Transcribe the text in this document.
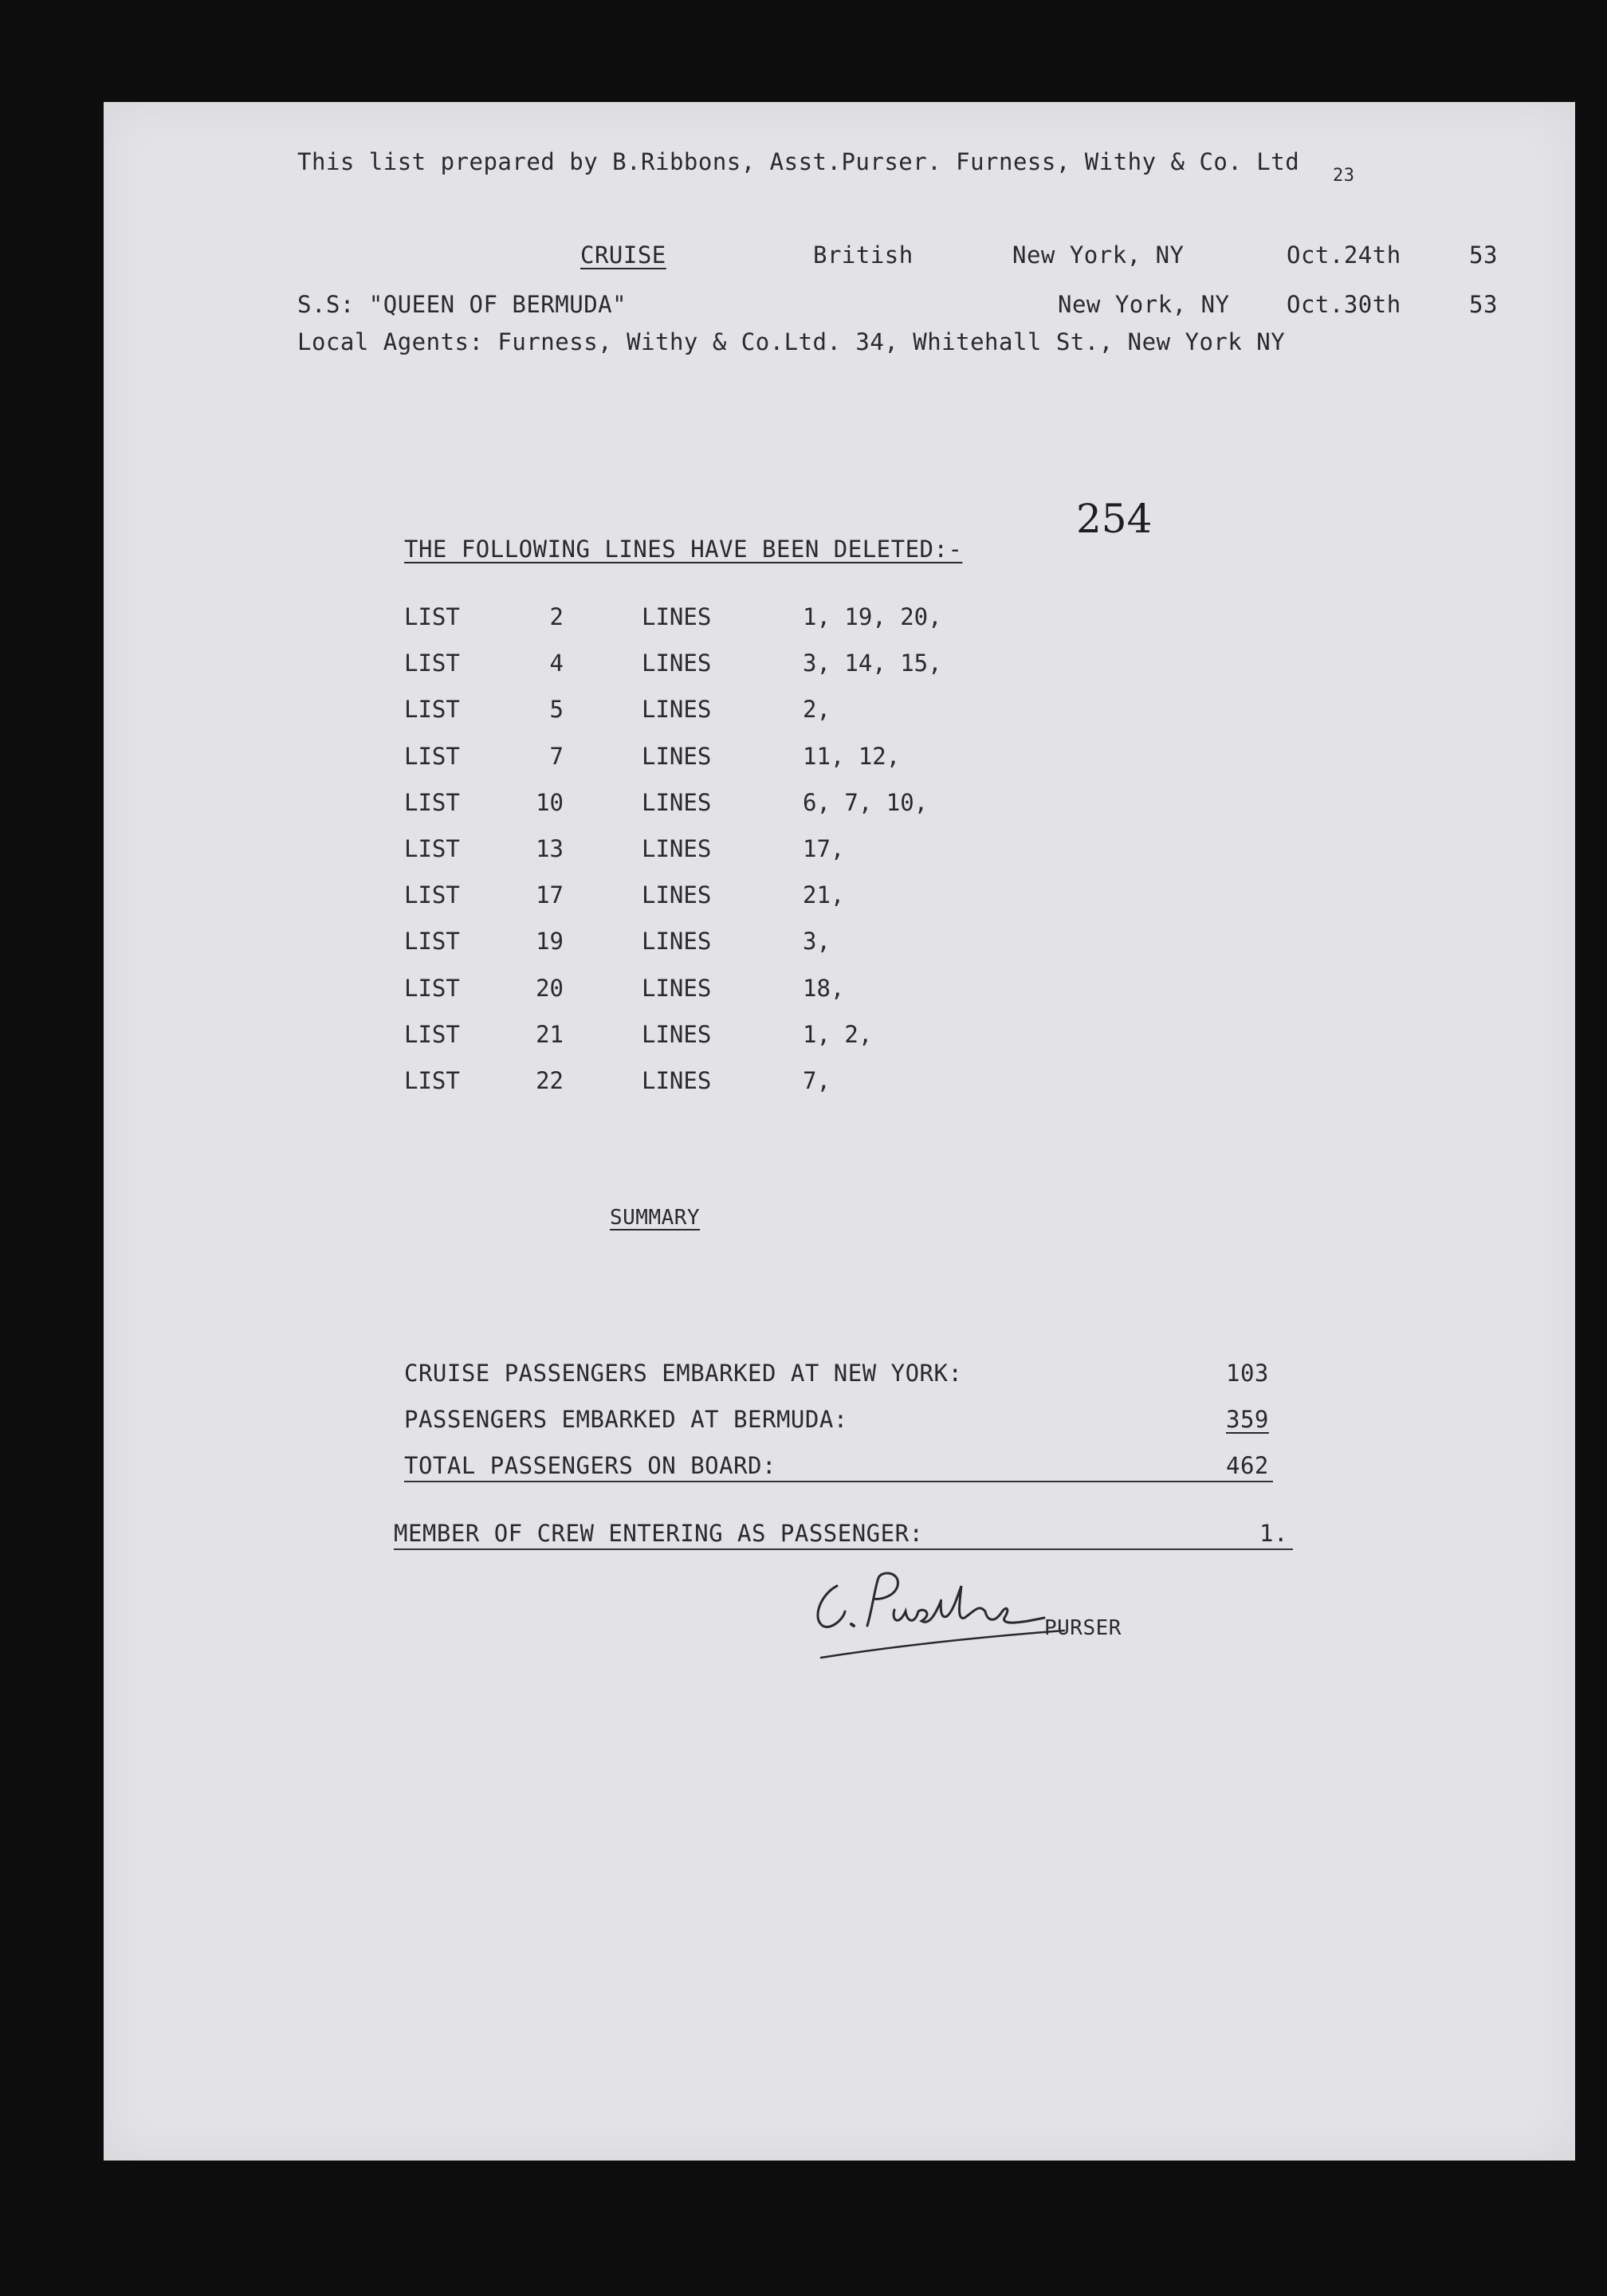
This list prepared by B.Ribbons, Asst.Purser. Furness, Withy & Co. Ltd
23
CRUISE	British	New York, NY	Oct.24th	53
S.S: "QUEEN OF BERMUDA"	New York, NY Oct.30th	53
Local Agents: Furness, Withy & Co.Ltd. 34, Whitehall St., New York NY
254
THE FOLLOWING LINES HAVE BEEN DELETED:-
LIST	2	LINES	1, 19, 20,
LIST	4	LINES	3, 14, 15,
LIST	5	LINES	2,
LIST	7	LINES	11, 12,
LIST	10	LINES	6, 7, 10,
LIST	13	LINES	17,
LIST	17	LINES	21,
LIST	19	LINES	3,
LIST	20	LINES	18,
LIST	21	LINES	1, 2,
LIST	22	LINES	7,
SUMMARY
CRUISE PASSENGERS EMBARKED AT NEW YORK:	103
PASSENGERS EMBARKED AT BERMUDA:	359
TOTAL PASSENGERS ON BOARD:	462
MEMBER OF CREW ENTERING AS PASSENGER:	1.
PURSER
